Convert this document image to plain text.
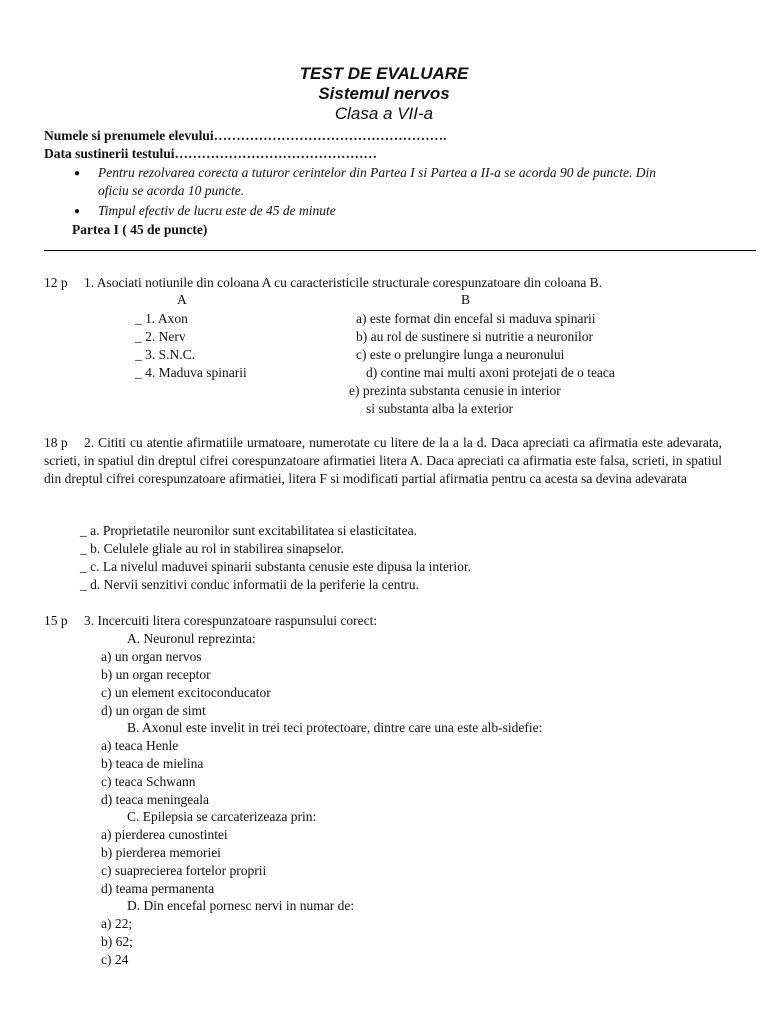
TEST DE EVALUARE
Sistemul nervos
Clasa a VII-a
Numele si prenumele elevului…………………………………………….
Data sustinerii testului………………………………………
● Pentru rezolvarea corecta a tuturor cerintelor din Partea I si Partea a II-a se acorda 90 de puncte. Din
oficiu se acorda 10 puncte.
● Timpul efectiv de lucru este de 45 de minute
Partea I ( 45 de puncte)
12 p 1. Asociati notiunile din coloana A cu caracteristicile structurale corespunzatoare din coloana B.
A	B
_ 1. Axon
_ 2. Nerv
_ 3. S.N.C.
_ 4. Maduva spinarii
a) este format din encefal si maduva spinarii
b) au rol de sustinere si nutritie a neuronilor
c) este o prelungire lunga a neuronului
d) contine mai multi axoni protejati de o teaca
e) prezinta substanta cenusie in interior
si substanta alba la exterior
18 p	2. Cititi cu atentie afirmatiile urmatoare, numerotate cu litere de la a la d. Daca apreciati ca afirmatia este adevarata, scrieti, in spatiul din dreptul cifrei corespunzatoare afirmatiei litera A. Daca apreciati ca afirmatia este falsa, scrieti, in spatiul din dreptul cifrei corespunzatoare afirmatiei, litera F si modificati partial afirmatia pentru ca acesta sa devina adevarata
_ a. Proprietatile neuronilor sunt excitabilitatea si elasticitatea.
_ b. Celulele gliale au rol in stabilirea sinapselor.
_ c. La nivelul maduvei spinarii substanta cenusie este dipusa la interior.
_ d. Nervii senzitivi conduc informatii de la periferie la centru.
15 p 3. Incercuiti litera corespunzatoare raspunsului corect:
A. Neuronul reprezinta:
a) un organ nervos
b) un organ receptor
c) un element excitoconducator
d) un organ de simt
B. Axonul este invelit in trei teci protectoare, dintre care una este alb-sidefie:
a) teaca Henle
b) teaca de mielina
c) teaca Schwann
d) teaca meningeala
C. Epilepsia se carcaterizeaza prin:
a) pierderea cunostintei
b) pierderea memoriei
c) suaprecierea fortelor proprii
d) teama permanenta
D. Din encefal pornesc nervi in numar de:
a) 22;
b) 62;
c) 24
